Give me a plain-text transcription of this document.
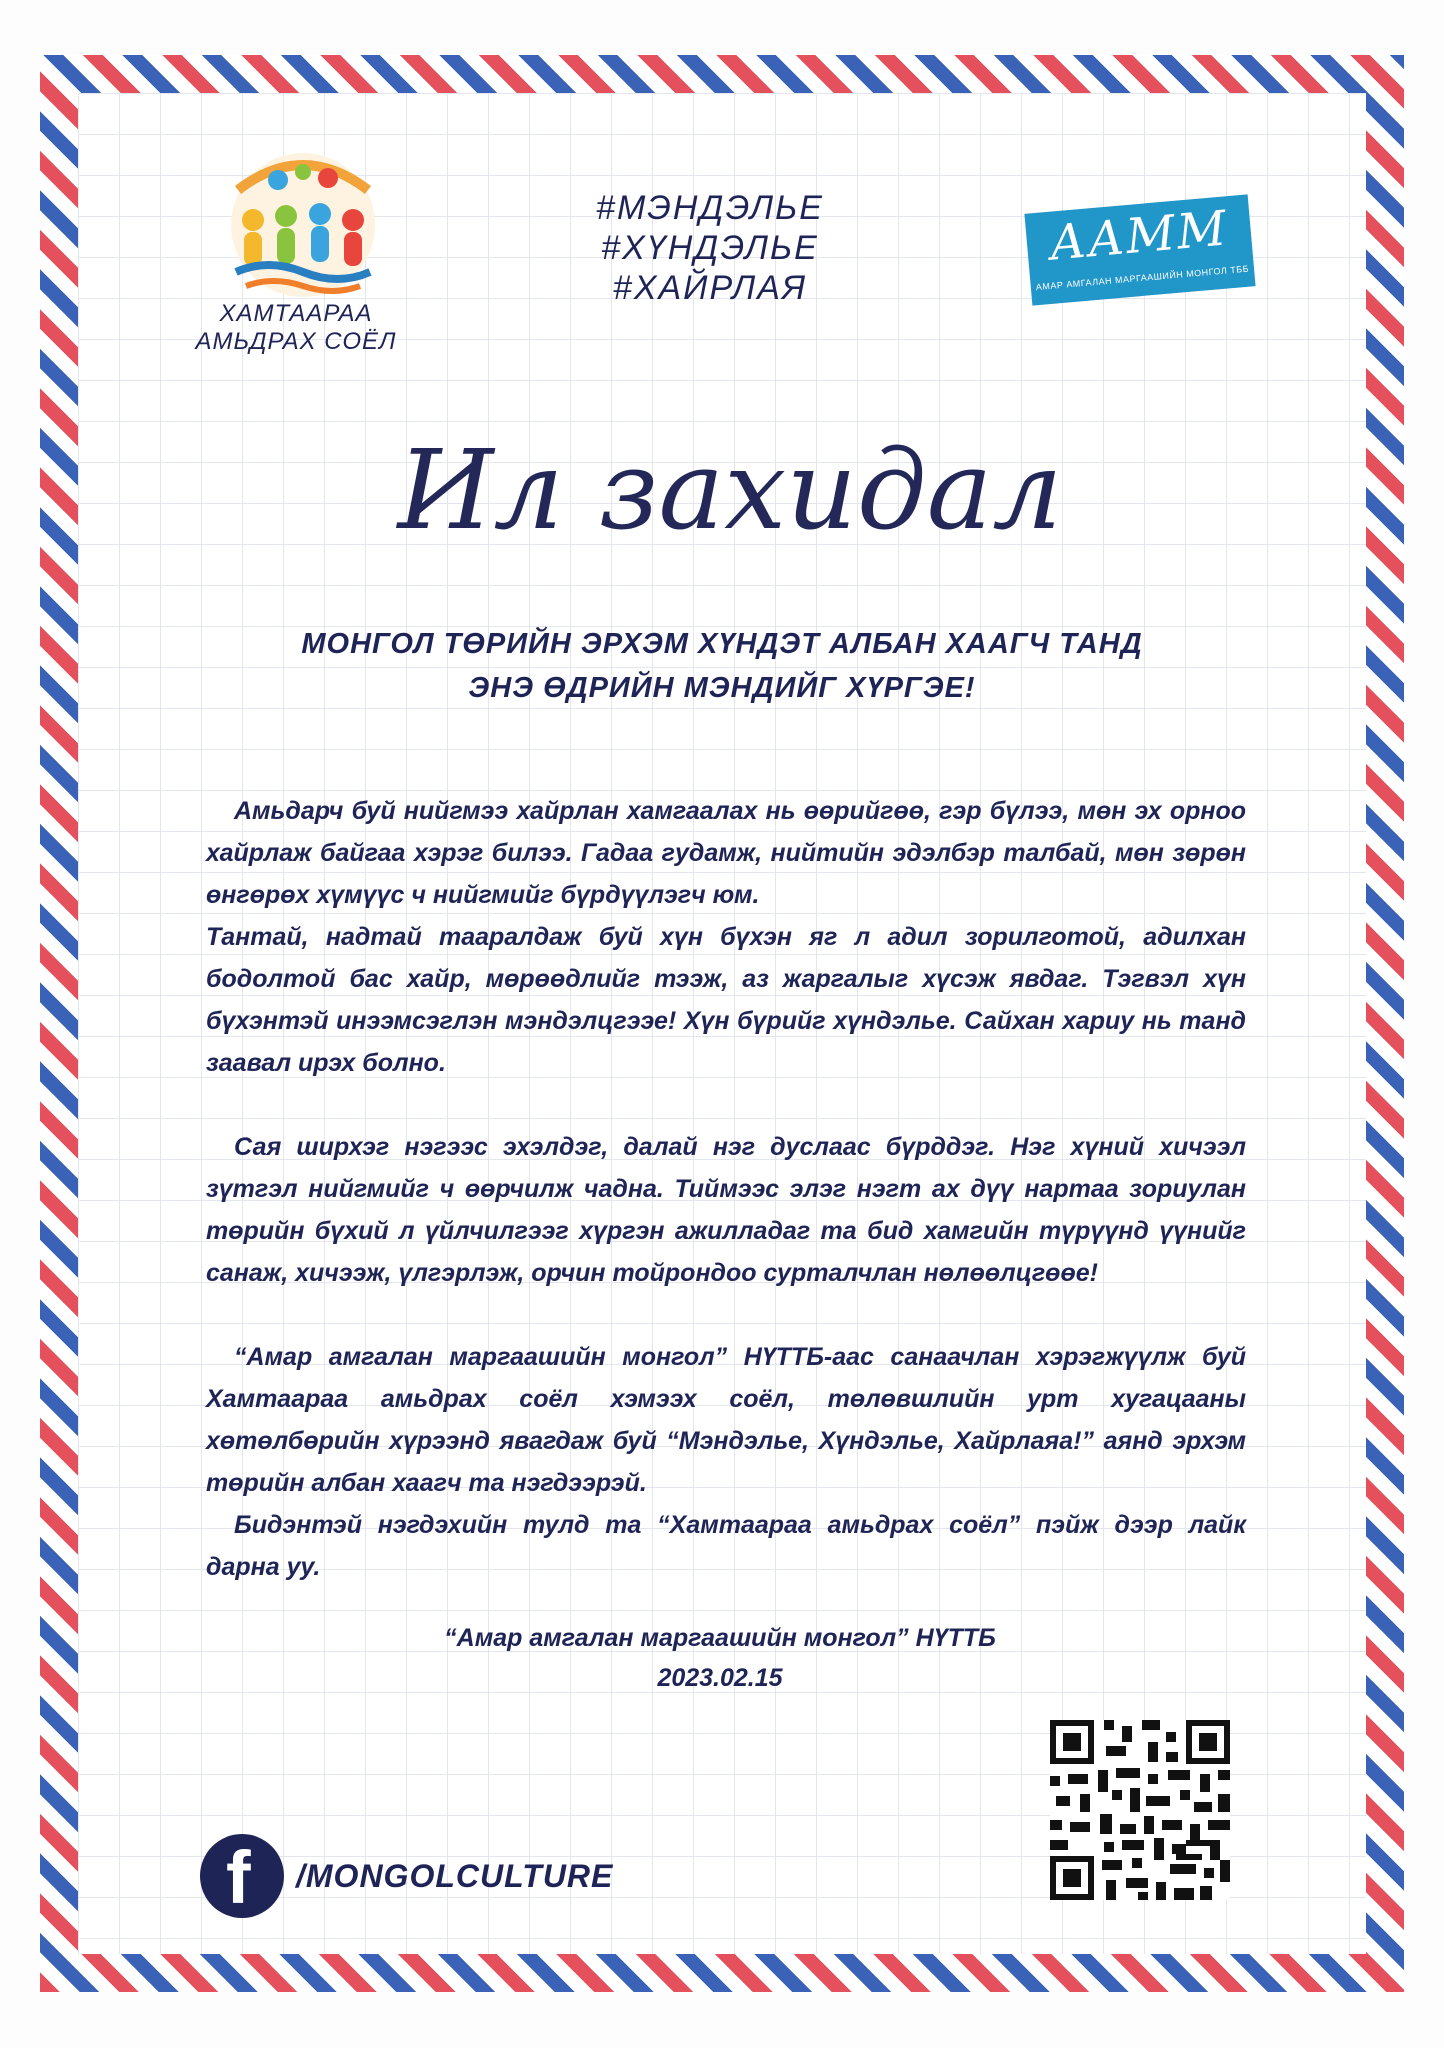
ХАМТААРАА
АМЬДРАХ СОЁЛ
#МЭНДЭЛЬЕ
#ХҮНДЭЛЬЕ
#ХАЙРЛАЯ
ААММ
АМАР АМГАЛАН МАРГААШИЙН МОНГОЛ ТББ
Ил захидал
МОНГОЛ ТӨРИЙН ЭРХЭМ ХҮНДЭТ АЛБАН ХААГЧ ТАНД
ЭНЭ ӨДРИЙН МЭНДИЙГ ХҮРГЭЕ!

Амьдарч буй нийгмээ хайрлан хамгаалах нь өөрийгөө, гэр бүлээ, мөн эх орноо хайрлаж байгаа хэрэг билээ. Гадаа гудамж, нийтийн эдэлбэр талбай, мөн зөрөн өнгөрөх хүмүүс ч нийгмийг бүрдүүлэгч юм.

Тантай, надтай таарaлдаж буй хүн бүхэн яг л адил зорилготой, адилхан бодолтой бас хайр, мөрөөдлийг тээж, аз жаргалыг хүсэж явдаг. Тэгвэл хүн бүхэнтэй инээмсэглэн мэндэлцгээе! Хүн бүрийг хүндэлье. Сайхан хариу нь танд заавал ирэх болно.

Сая ширхэг нэгээс эхэлдэг, далай нэг дуслаас бүрддэг. Нэг хүний хичээл зүтгэл нийгмийг ч өөрчилж чадна. Тиймээс элэг нэгт ах дүү нартаа зориулан төрийн бүхий л үйлчилгээг хүргэн ажилладаг та бид хамгийн түрүүнд үүнийг санаж, хичээж, үлгэрлэж, орчин тойрондоо сурталчлан нөлөөлцгөөе!

“Амар амгалан маргаашийн монгол” НҮТТБ-аас санаачлан хэрэгжүүлж буй Хамтаараа амьдрах соёл хэмээх соёл, төлөвшлийн урт хугацааны хөтөлбөрийн хүрээнд явагдаж буй “Мэндэлье, Хүндэлье, Хайрлаяa!” аянд эрхэм төрийн албан хаагч та нэгдээрэй.

Бидэнтэй нэгдэхийн тулд та “Хамтаараа амьдрах соёл” пэйж дээр лайк дарна уу.

“Амар амгалан маргаашийн монгол” НҮТТБ
2023.02.15
f /MONGOLCULTURE
